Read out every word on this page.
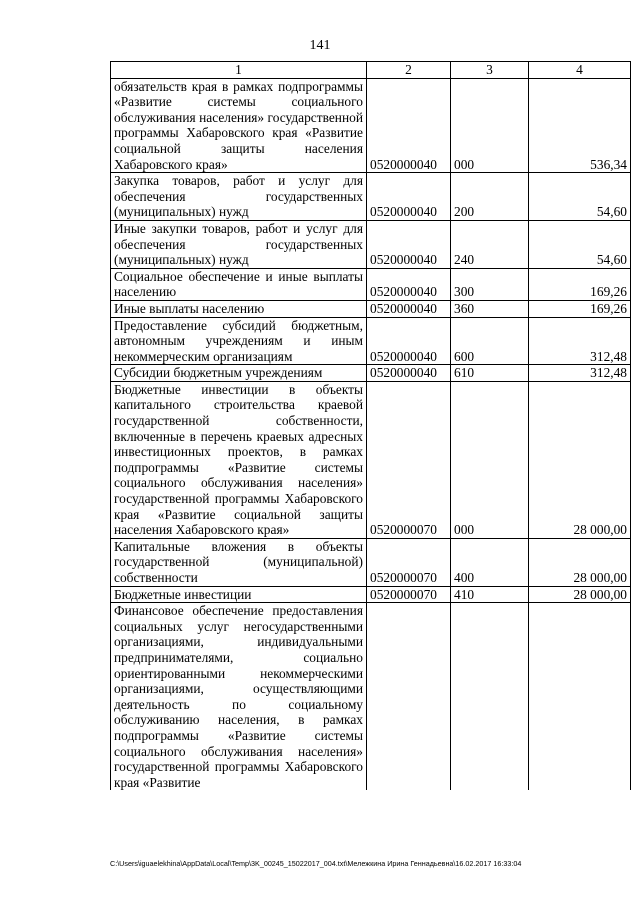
141
1	2	3	4
обязательств края в рамках подпрограммы «Развитие системы социального обслуживания населения» государственной программы Хабаровского края «Развитие социальной защиты населения Хабаровского края»	0520000040	000	536,34
Закупка товаров, работ и услуг для обеспечения государственных (муниципальных) нужд	0520000040	200	54,60
Иные закупки товаров, работ и услуг для обеспечения государственных (муниципальных) нужд	0520000040	240	54,60
Социальное обеспечение и иные выплаты населению	0520000040	300	169,26
Иные выплаты населению	0520000040	360	169,26
Предоставление субсидий бюджетным, автономным учреждениям и иным некоммерческим организациям	0520000040	600	312,48
Субсидии бюджетным учреждениям	0520000040	610	312,48
Бюджетные инвестиции в объекты капитального строительства краевой государственной собственности, включенные в перечень краевых адресных инвестиционных проектов, в рамках подпрограммы «Развитие системы социального обслуживания населения» государственной программы Хабаровского края «Развитие социальной защиты населения Хабаровского края»	0520000070	000	28 000,00
Капитальные вложения в объекты государственной (муниципальной) собственности	0520000070	400	28 000,00
Бюджетные инвестиции	0520000070	410	28 000,00
Финансовое обеспечение предоставления социальных услуг негосударственными организациями, индивидуальными предпринимателями, социально ориентированными некоммерческими организациями, осуществляющими деятельность по социальному обслуживанию населения, в рамках подпрограммы «Развитие системы социального обслуживания населения» государственной программы Хабаровского края «Развитие			
C:\Users\iguaelekhina\AppData\Local\Temp\3K_00245_15022017_004.txt\Мележкина Ирина Геннадьевна\16.02.2017 16:33:04
